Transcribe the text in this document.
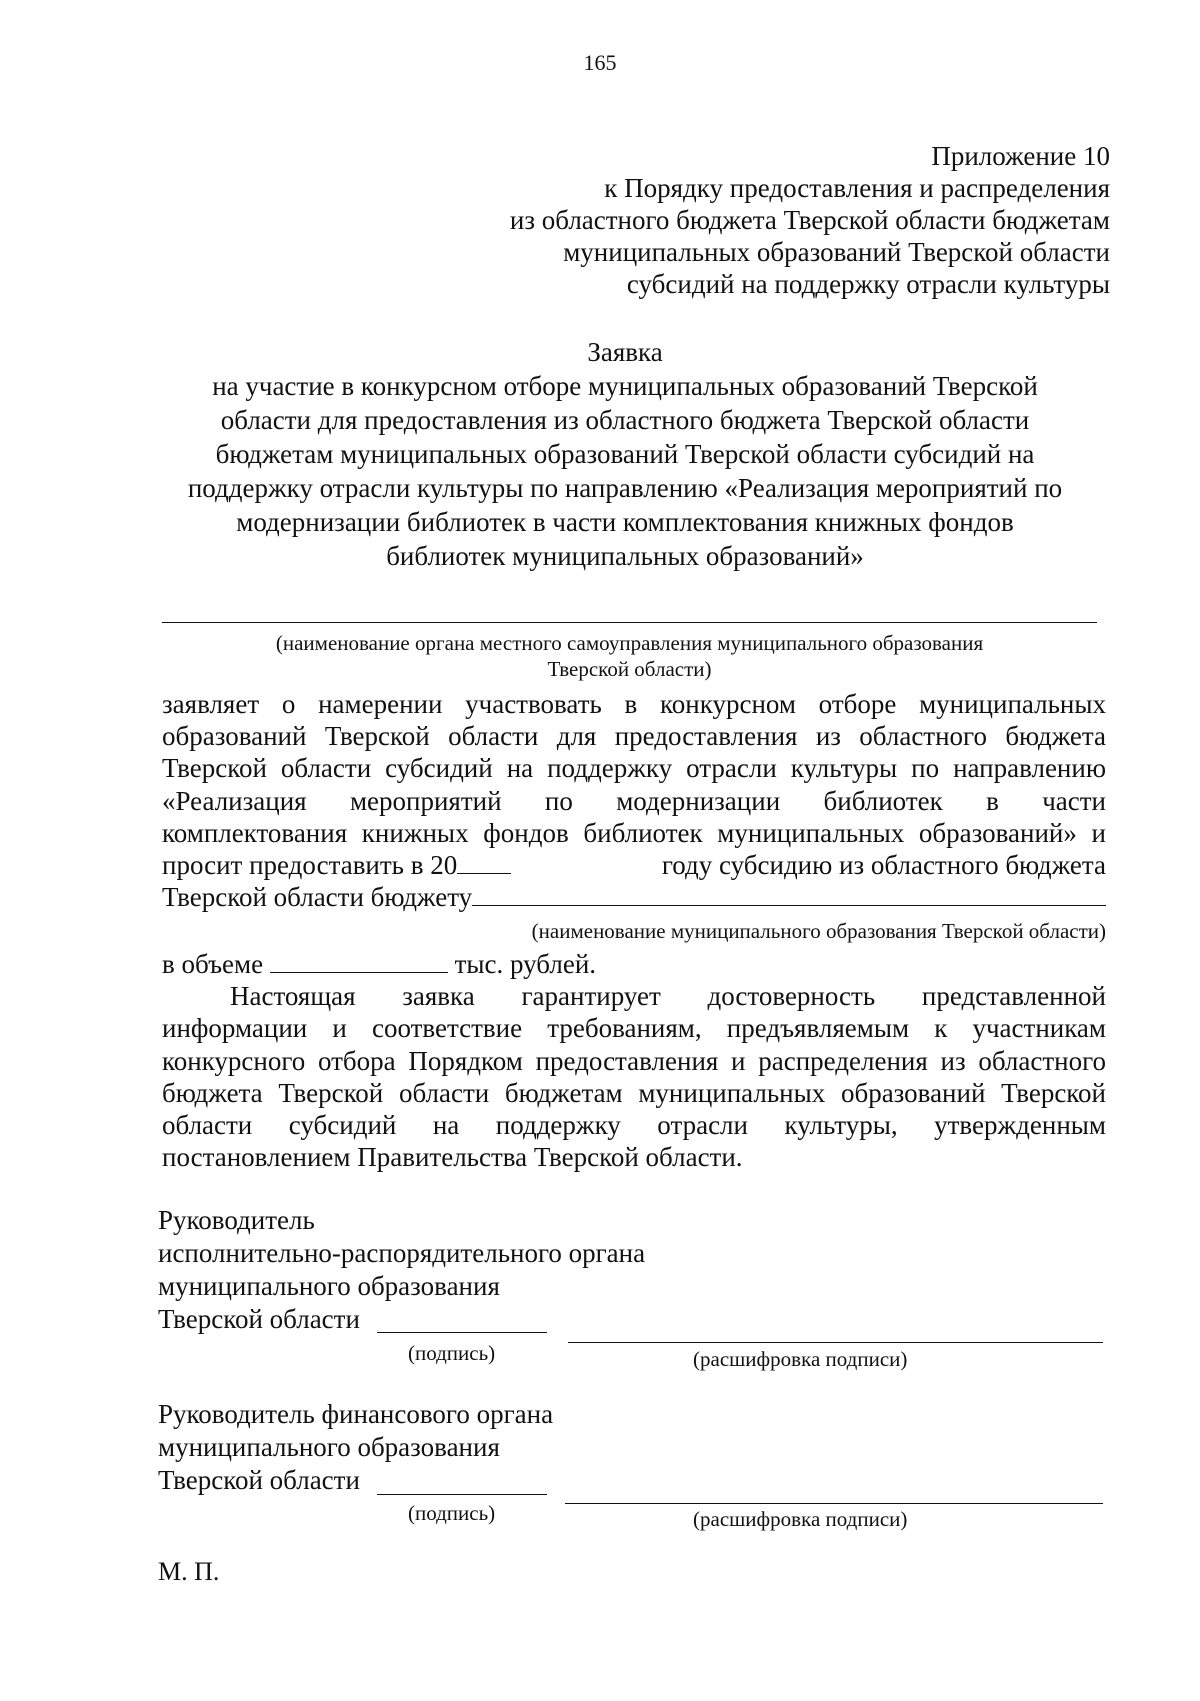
165
Приложение 10
к Порядку предоставления и распределения
из областного бюджета Тверской области бюджетам
муниципальных образований Тверской области
субсидий на поддержку отрасли культуры
Заявка
на участие в конкурсном отборе муниципальных образований Тверской
области для предоставления из областного бюджета Тверской области
бюджетам муниципальных образований Тверской области субсидий на
поддержку отрасли культуры по направлению «Реализация мероприятий по
модернизации библиотек в части комплектования книжных фондов
библиотек муниципальных образований»
(наименование органа местного самоуправления муниципального образования
Тверской области)
заявляет о намерении участвовать в конкурсном отборе муниципальных
образований Тверской области для предоставления из областного бюджета
Тверской области субсидий на поддержку отрасли культуры по направлению
«Реализация мероприятий по модернизации библиотек в части
комплектования книжных фондов библиотек муниципальных образований» и
просит предоставить в 20	году субсидию из областного бюджета
Тверской области бюджету
(наименование муниципального образования Тверской области)
в объеме	тыс. рублей.
Настоящая заявка гарантирует достоверность представленной
информации и соответствие требованиям, предъявляемым к участникам
конкурсного отбора Порядком предоставления и распределения из областного
бюджета Тверской области бюджетам муниципальных образований Тверской
области субсидий на поддержку отрасли культуры, утвержденным
постановлением Правительства Тверской области.
Руководитель
исполнительно-распорядительного органа
муниципального образования
Тверской области
(подпись)	(расшифровка подписи)
Руководитель финансового органа
муниципального образования
Тверской области
(подпись)	(расшифровка подписи)
М. П.
